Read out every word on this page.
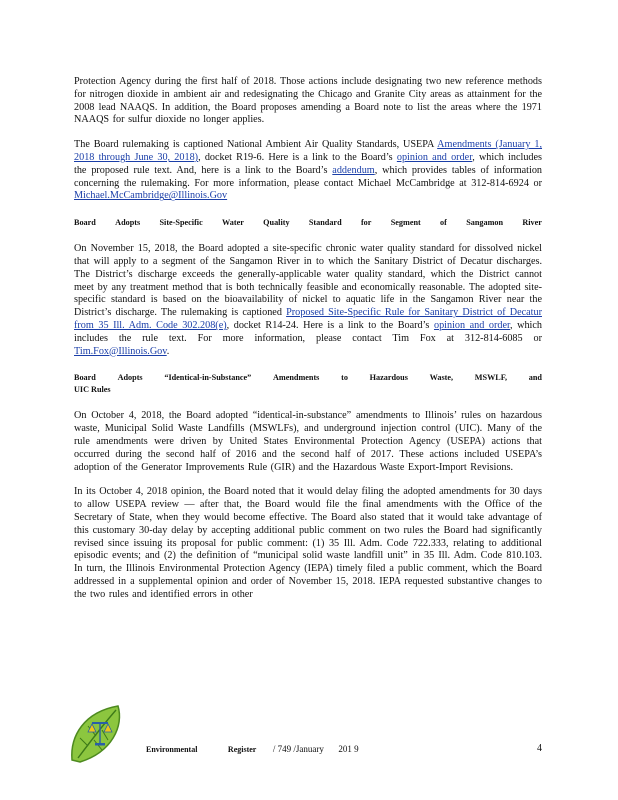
Protection Agency during the first half of 2018. Those actions include designating two new reference methods for nitrogen dioxide in ambient air and redesignating the Chicago and Granite City areas as attainment for the 2008 lead NAAQS. In addition, the Board proposes amending a Board note to list the areas where the 1971 NAAQS for sulfur dioxide no longer applies.

The Board rulemaking is captioned National Ambient Air Quality Standards, USEPA Amendments (January 1, 2018 through June 30, 2018), docket R19-6. Here is a link to the Board’s opinion and order, which includes the proposed rule text. And, here is a link to the Board’s addendum, which provides tables of information concerning the rulemaking. For more information, please contact Michael McCambridge at 312-814-6924 or Michael.McCambridge@Illinois.Gov

Board Adopts Site-Specific Water Quality Standard for Segment of Sangamon River

On November 15, 2018, the Board adopted a site-specific chronic water quality standard for dissolved nickel that will apply to a segment of the Sangamon River in to which the Sanitary District of Decatur discharges. The District’s discharge exceeds the generally-applicable water quality standard, which the District cannot meet by any treatment method that is both technically feasible and economically reasonable. The adopted site-specific standard is based on the bioavailability of nickel to aquatic life in the Sangamon River near the District’s discharge. The rulemaking is captioned Proposed Site-Specific Rule for Sanitary District of Decatur from 35 Ill. Adm. Code 302.208(e), docket R14-24. Here is a link to the Board’s opinion and order, which includes the rule text. For more information, please contact Tim Fox at 312-814-6085 or Tim.Fox@Illinois.Gov.

Board	Adopts	“Identical-in-Substance”	Amendments	to	Hazardous	Waste,	MSWLF,	and
UIC Rules

On October 4, 2018, the Board adopted “identical-in-substance” amendments to Illinois’ rules on hazardous waste, Municipal Solid Waste Landfills (MSWLFs), and underground injection control (UIC). Many of the rule amendments were driven by United States Environmental Protection Agency (USEPA) actions that occurred during the second half of 2016 and the second half of 2017. These actions included USEPA’s adoption of the Generator Improvements Rule (GIR) and the Hazardous Waste Export-Import Revisions.

In its October 4, 2018 opinion, the Board noted that it would delay filing the adopted amendments for 30 days to allow USEPA review — after that, the Board would file the final amendments with the Office of the Secretary of State, when they would become effective. The Board also stated that it would take advantage of this customary 30-day delay by accepting additional public comment on two rules the Board had significantly revised since issuing its proposal for public comment: (1) 35 Ill. Adm. Code 722.333, relating to additional episodic events; and (2) the definition of “municipal solid waste landfill unit” in 35 Ill. Adm. Code 810.103. In turn, the Illinois Environmental Protection Agency (IEPA) timely filed a public comment, which the Board addressed in a supplemental opinion and order of November 15, 2018. IEPA requested substantive changes to the two rules and identified errors in other

Environmental	Register / 749 /January 201 9	4
